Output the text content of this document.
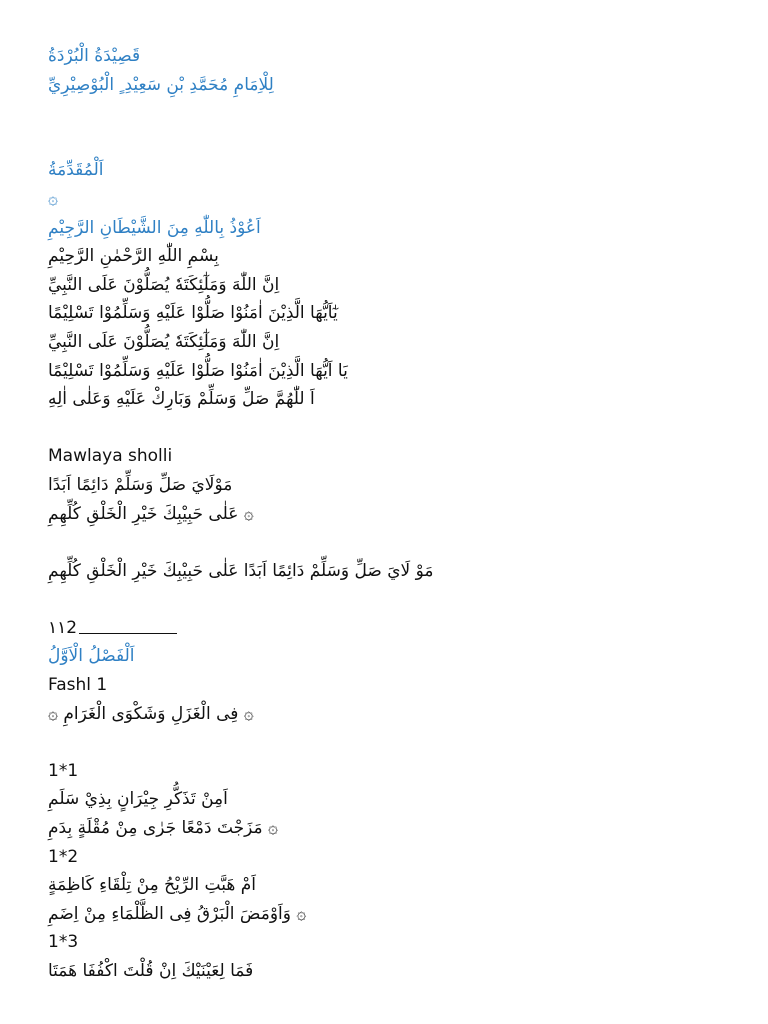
قَصِيْدَةُ الْبُرْدَةُ
لِلْاِمَامِ مُحَمَّدِ بْنِ سَعِيْدِ ٍ الْبُوْصِيْرِيِّ
اَلْمُقَدِّمَةُ
۞
اَعُوْذُ بِاللّٰهِ مِنَ الشَّيْطَانِ الرَّجِيْمِ
بِسْمِ اللّٰهِ الرَّحْمٰنِ الرَّحِيْمِ
اِنَّ اللّٰهَ وَمَلٰٓئِكَتَهٗ يُصَلُّوْنَ عَلَى النَّبِيِّ
يٰٓاَيُّهَا الَّذِيْنَ اٰمَنُوْا صَلُّوْا عَلَيْهِ وَسَلِّمُوْا تَسْلِيْمًا
اِنَّ اللّٰهَ وَمَلٰٓئِكَتَهٗ يُصَلُّوْنَ عَلَى النَّبِيِّ
يَا اَيُّهَا الَّذِيْنَ اٰمَنُوْا صَلُّوْا عَلَيْهِ وَسَلِّمُوْا تَسْلِيْمًا
اَ للّٰهُمَّ صَلِّ وَسَلِّمْ وَبَارِكْ عَلَيْهِ وَعَلٰى اٰلِهِ
Mawlaya sholli
مَوْلَايَ صَلِّ وَسَلِّمْ دَائِمًا اَبَدًا
۞ عَلٰى حَبِيْبِكَ خَيْرِ الْخَلْقِ كُلِّهِمِ
مَوْ لَايَ صَلِّ وَسَلِّمْ دَائِمًا اَبَدًا عَلٰى حَبِيْبِكَ خَيْرِ الْخَلْقِ كُلِّهِمِ
١١2
اَلْفَصْلُ الْاَوَّلُ
Fashl 1
۞ فِى الْغَزَلِ وَشَكْوَى الْغَرَامِ ۞
1*1
اَمِنْ تَذَكُّرِ جِيْرَانٍ بِذِيْ سَلَمِ
۞ مَزَجْتَ دَمْعًا جَرٰى مِنْ مُقْلَةٍ بِدَمِ
1*2
اَمْ هَبَّتِ الرِّيْحُ مِنْ تِلْقَاءِ كَاظِمَةٍ
۞ وَاَوْمَضَ الْبَرْقُ فِى الظَّلْمَاءِ مِنْ اِضَمِ
1*3
فَمَا لِعَيْنَيْكَ اِنْ قُلْتَ اكْفُفَا هَمَتَا
